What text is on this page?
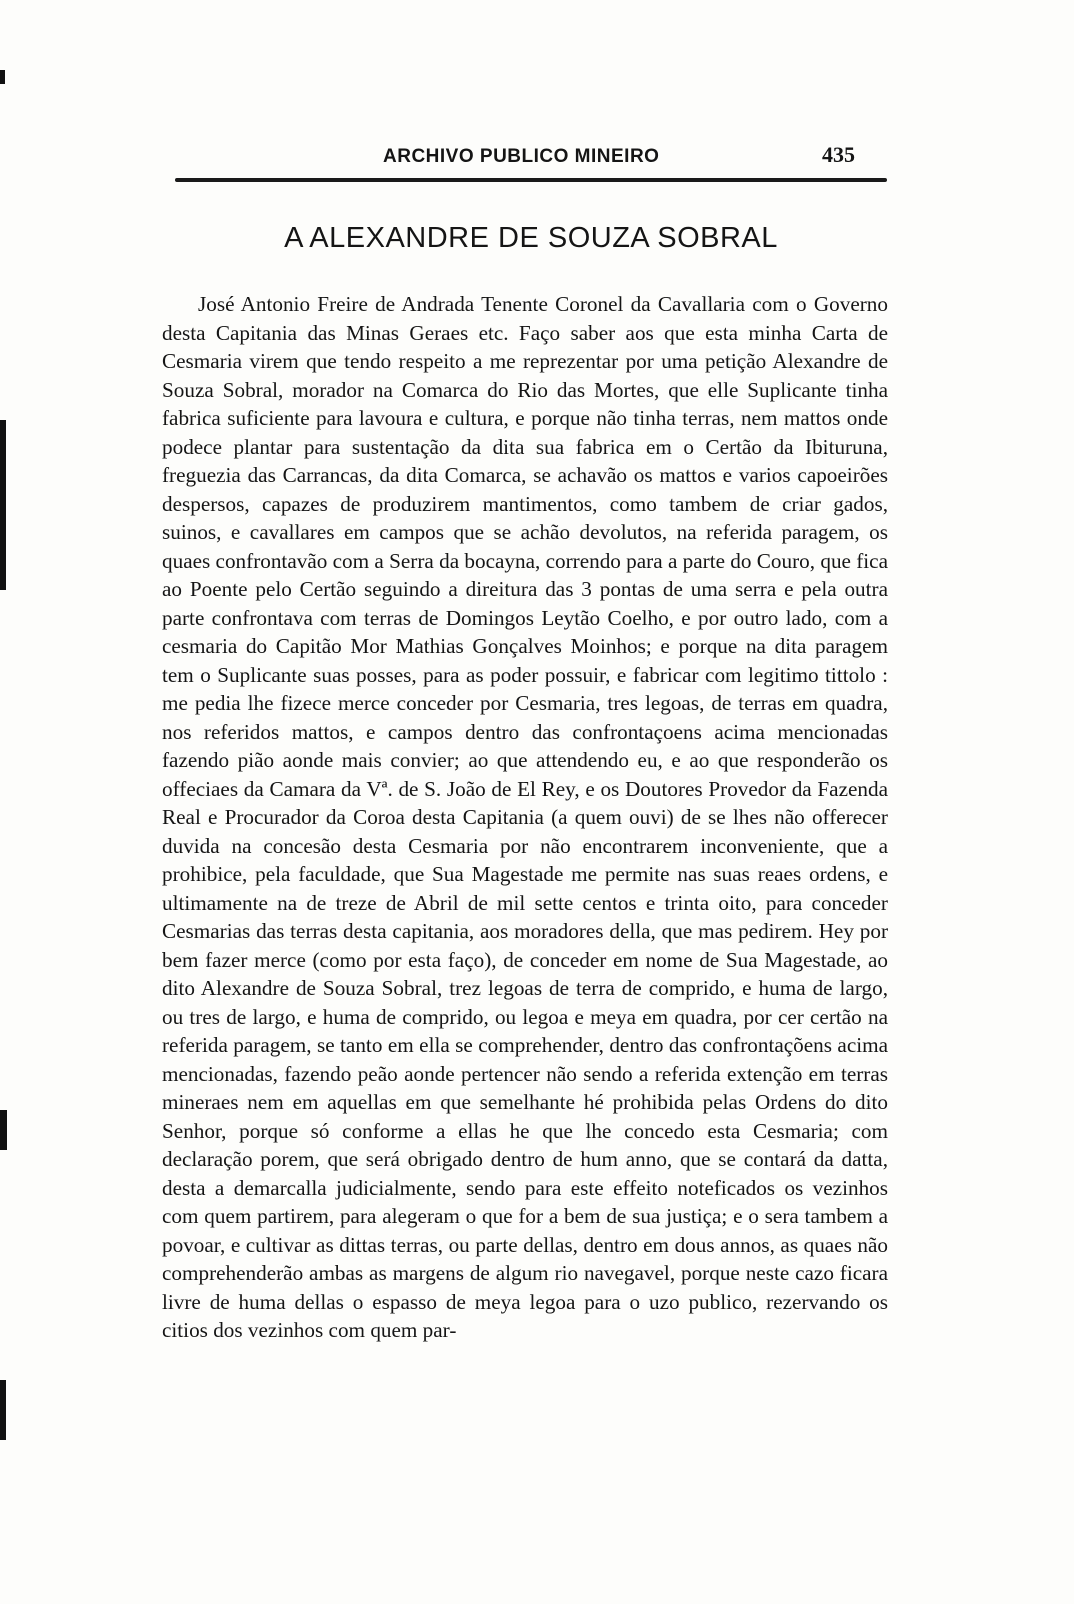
ARCHIVO PUBLICO MINEIRO	435
A ALEXANDRE DE SOUZA SOBRAL

José Antonio Freire de Andrada Tenente Coronel da Cavallaria com o Governo desta Capitania das Minas Geraes etc. Faço saber aos que esta minha Carta de Cesmaria virem que tendo respeito a me reprezentar por uma petição Alexandre de Souza Sobral, morador na Comarca do Rio das Mortes, que elle Suplicante tinha fabrica suficiente para lavoura e cultura, e porque não tinha terras, nem mattos onde podece plantar para sustentação da dita sua fabrica em o Certão da Ibituruna, freguezia das Carrancas, da dita Comarca, se achavão os mattos e varios capoeirões despersos, capazes de produzirem mantimentos, como tambem de criar gados, suinos, e cavallares em campos que se achão devolutos, na referida paragem, os quaes confrontavão com a Serra da bocayna, correndo para a parte do Couro, que fica ao Poente pelo Certão seguindo a direitura das 3 pontas de uma serra e pela outra parte confrontava com terras de Domingos Leytão Coelho, e por outro lado, com a cesmaria do Capitão Mor Mathias Gonçalves Moinhos; e porque na dita paragem tem o Suplicante suas posses, para as poder possuir, e fabricar com legitimo tittolo : me pedia lhe fizece merce conceder por Cesmaria, tres legoas, de terras em quadra, nos referidos mattos, e campos dentro das confrontaçoens acima mencionadas fazendo pião aonde mais convier; ao que attendendo eu, e ao que responderão os offeciaes da Camara da Vª. de S. João de El Rey, e os Doutores Provedor da Fazenda Real e Procurador da Coroa desta Capitania (a quem ouvi) de se lhes não offerecer duvida na concesão desta Cesmaria por não encontrarem inconveniente, que a prohibice, pela faculdade, que Sua Magestade me permite nas suas reaes ordens, e ultimamente na de treze de Abril de mil sette centos e trinta oito, para conceder Cesmarias das terras desta capitania, aos moradores della, que mas pedirem. Hey por bem fazer merce (como por esta faço), de conceder em nome de Sua Magestade, ao dito Alexandre de Souza Sobral, trez legoas de terra de comprido, e huma de largo, ou tres de largo, e huma de comprido, ou legoa e meya em quadra, por cer certão na referida paragem, se tanto em ella se comprehender, dentro das confrontaçõens acima mencionadas, fazendo peão aonde pertencer não sendo a referida extenção em terras mineraes nem em aquellas em que semelhante hé prohibida pelas Ordens do dito Senhor, porque só conforme a ellas he que lhe concedo esta Cesmaria; com declaração porem, que será obrigado dentro de hum anno, que se contará da datta, desta a demarcalla judicialmente, sendo para este effeito noteficados os vezinhos com quem partirem, para alegeram o que for a bem de sua justiça; e o sera tambem a povoar, e cultivar as dittas terras, ou parte dellas, dentro em dous annos, as quaes não comprehenderão ambas as margens de algum rio navegavel, porque neste cazo ficara livre de huma dellas o espasso de meya legoa para o uzo publico, rezervando os citios dos vezinhos com quem par-
